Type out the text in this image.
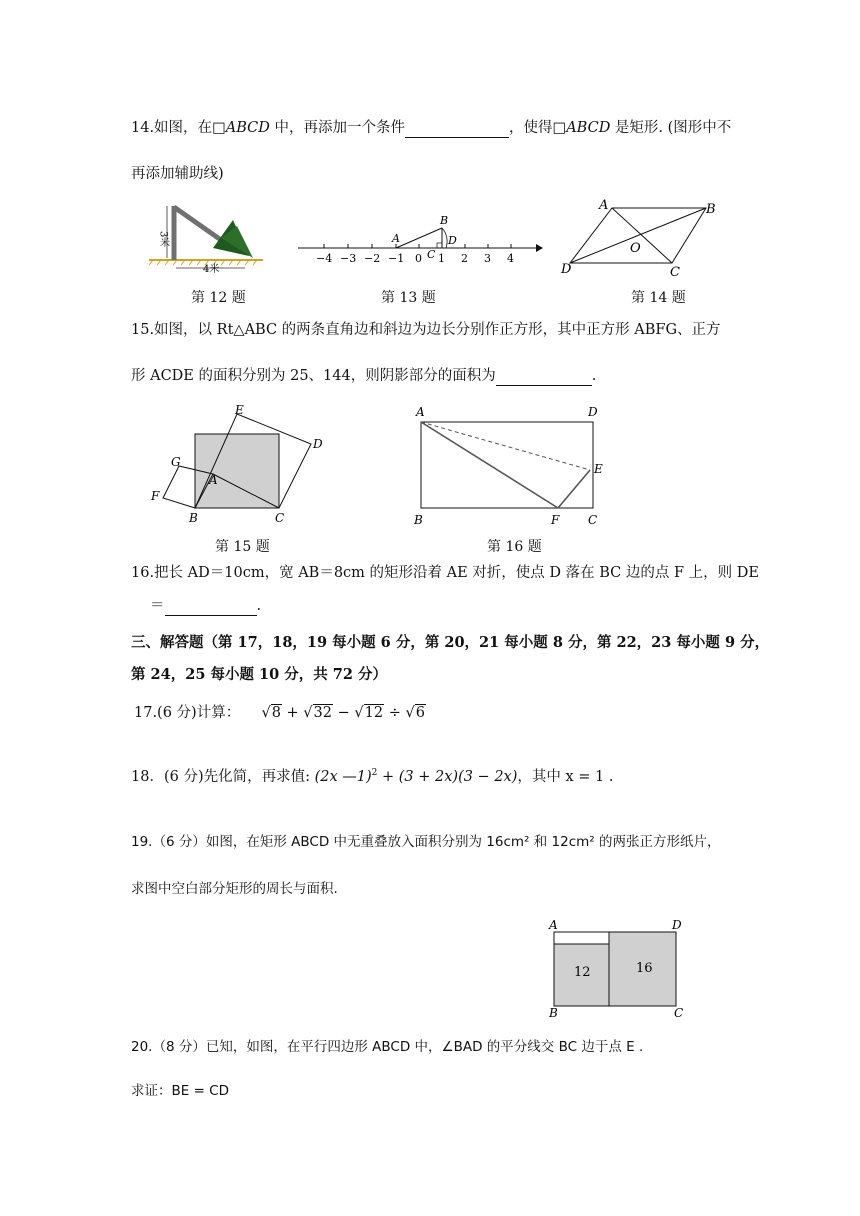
14.如图，在□ABCD 中，再添加一个条件	，使得□ABCD 是矩形. (图形中不
再添加辅助线)
3米
4米
第 12 题
−4 −3 −2 −1 0 1 2 3 4
A
B
C
D
第 13 题
A	B
C
D
O
第 14 题
15.如图，以 Rt△ABC 的两条直角边和斜边为边长分别作正方形，其中正方形 ABFG、正方
形 ACDE 的面积分别为 25、144，则阴影部分的面积为	.
E
D
G
A
F
B	C
第 15 题
A	D
E
B	F C
第 16 题
16.把长 AD＝10cm，宽 AB＝8cm 的矩形沿着 AE 对折，使点 D 落在 BC 边的点 F 上，则 DE
＝	.
三、解答题（第 17，18，19 每小题 6 分，第 20，21 每小题 8 分，第 22，23 每小题 9 分，
第 24，25 每小题 10 分，共 72 分）
17.(6 分)计算： √8 + √32 − √12 ÷ √6
18．(6 分)先化简，再求值: (2x —1)$^2$ + (3 + 2x)(3 − 2x)，其中 x = 1 .
19.（6 分）如图，在矩形 ABCD 中无重叠放入面积分别为 16cm² 和 12cm² 的两张正方形纸片，
求图中空白部分矩形的周长与面积.
A	D
B	C
12	16
20.（8 分）已知，如图，在平行四边形 ABCD 中，∠BAD 的平分线交 BC 边于点 E .
求证：BE = CD
